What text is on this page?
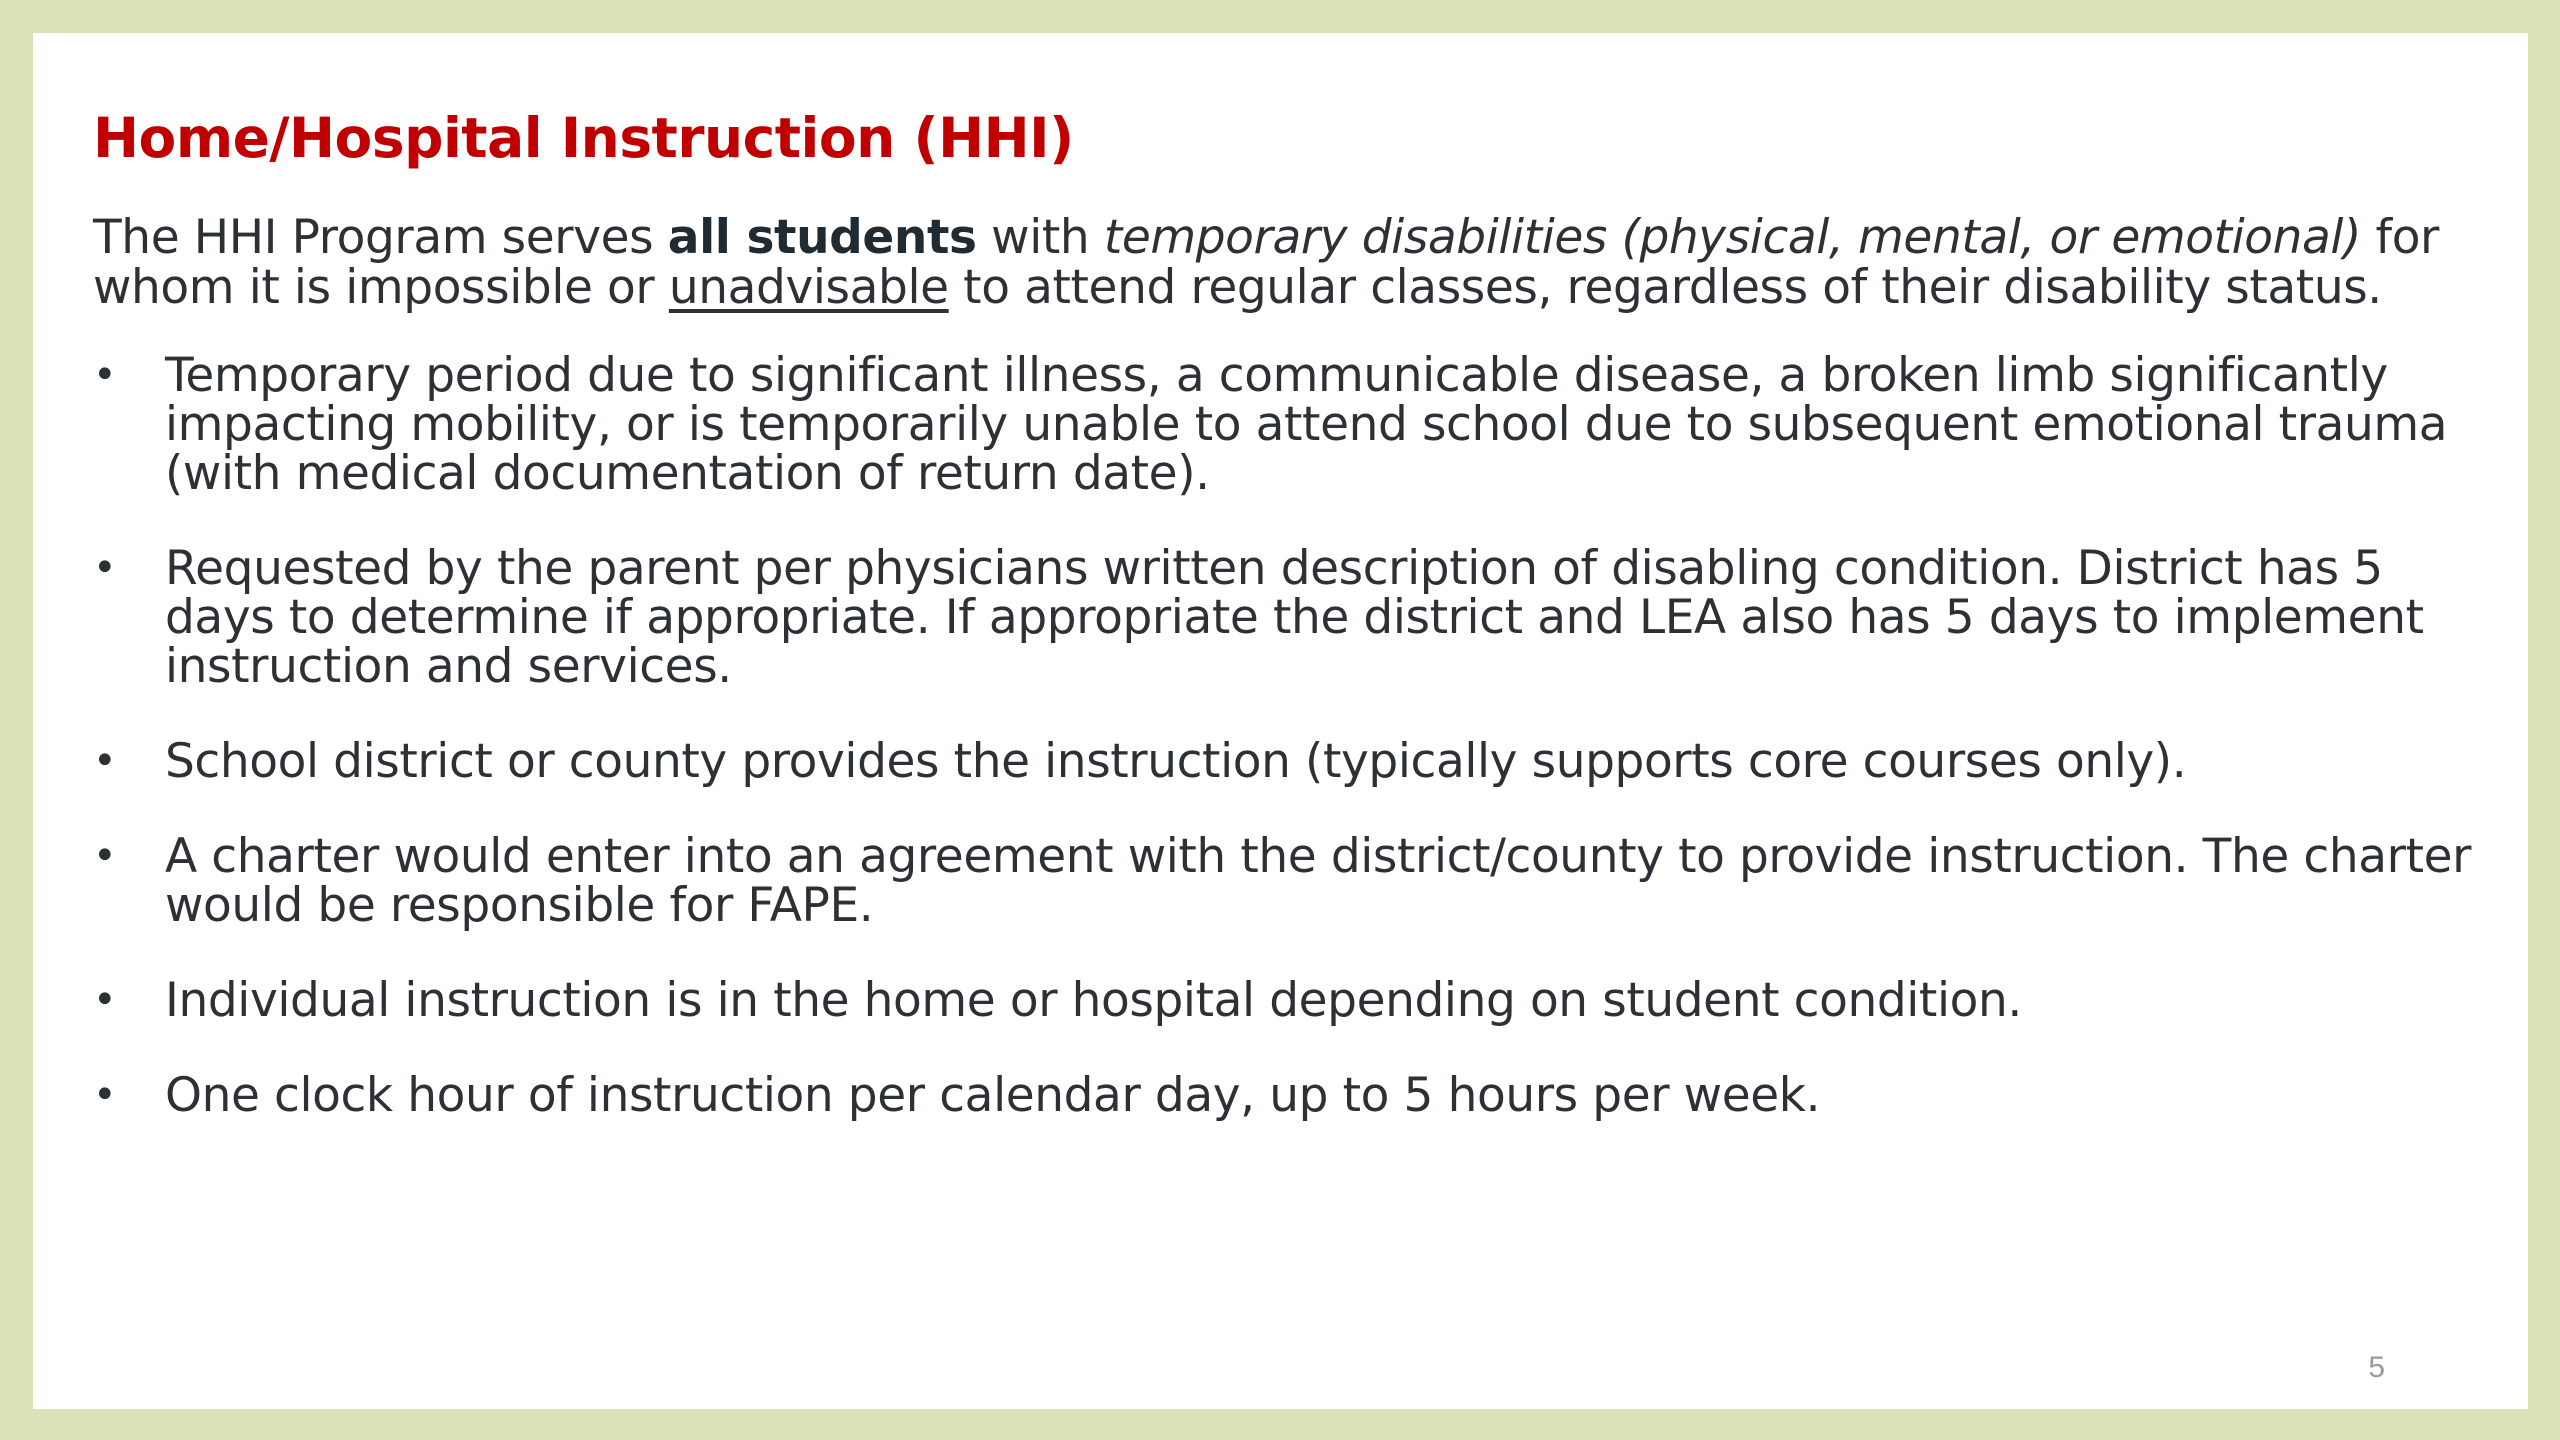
Home/Hospital Instruction (HHI)

The HHI Program serves all students with temporary disabilities (physical, mental, or emotional) for whom it is impossible or unadvisable to attend regular classes, regardless of their disability status.

• Temporary period due to significant illness, a communicable disease, a broken limb significantly impacting mobility, or is temporarily unable to attend school due to subsequent emotional trauma (with medical documentation of return date).
• Requested by the parent per physicians written description of disabling condition. District has 5 days to determine if appropriate. If appropriate the district and LEA also has 5 days to implement instruction and services.
• School district or county provides the instruction (typically supports core courses only).
• A charter would enter into an agreement with the district/county to provide instruction. The charter would be responsible for FAPE.
• Individual instruction is in the home or hospital depending on student condition.
• One clock hour of instruction per calendar day, up to 5 hours per week.
5
